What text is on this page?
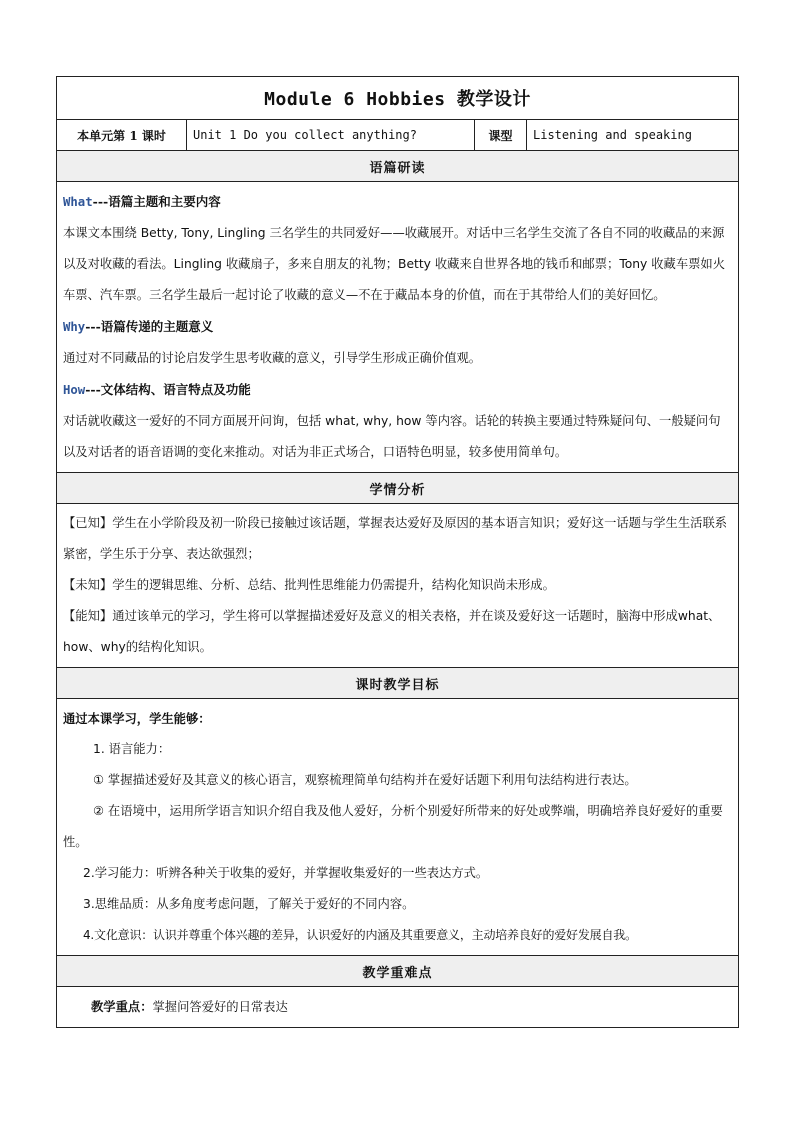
Module 6 Hobbies 教学设计
本单元第 1 课时	Unit 1 Do you collect anything?	课型	Listening and speaking
语篇研读

What---语篇主题和主要内容

本课文本围绕 Betty, Tony, Lingling 三名学生的共同爱好——收藏展开。对话中三名学生交流了各自不同的收藏品的来源以及对收藏的看法。Lingling 收藏扇子，多来自朋友的礼物；Betty 收藏来自世界各地的钱币和邮票；Tony 收藏车票如火车票、汽车票。三名学生最后一起讨论了收藏的意义—不在于藏品本身的价值，而在于其带给人们的美好回忆。

Why---语篇传递的主题意义

通过对不同藏品的讨论启发学生思考收藏的意义，引导学生形成正确价值观。

How---文体结构、语言特点及功能

对话就收藏这一爱好的不同方面展开问询，包括 what, why, how 等内容。话轮的转换主要通过特殊疑问句、一般疑问句以及对话者的语音语调的变化来推动。对话为非正式场合，口语特色明显，较多使用简单句。

学情分析

【已知】学生在小学阶段及初一阶段已接触过该话题，掌握表达爱好及原因的基本语言知识；爱好这一话题与学生生活联系紧密，学生乐于分享、表达欲强烈；

【未知】学生的逻辑思维、分析、总结、批判性思维能力仍需提升，结构化知识尚未形成。

【能知】通过该单元的学习，学生将可以掌握描述爱好及意义的相关表格，并在谈及爱好这一话题时，脑海中形成what、how、why的结构化知识。

课时教学目标

通过本课学习，学生能够：

1. 语言能力：

① 掌握描述爱好及其意义的核心语言，观察梳理简单句结构并在爱好话题下利用句法结构进行表达。

② 在语境中，运用所学语言知识介绍自我及他人爱好，分析个别爱好所带来的好处或弊端，明确培养良好爱好的重要性。

2.学习能力：听辨各种关于收集的爱好，并掌握收集爱好的一些表达方式。

3.思维品质：从多角度考虑问题，了解关于爱好的不同内容。

4.文化意识：认识并尊重个体兴趣的差异，认识爱好的内涵及其重要意义，主动培养良好的爱好发展自我。

教学重难点

教学重点：掌握问答爱好的日常表达
